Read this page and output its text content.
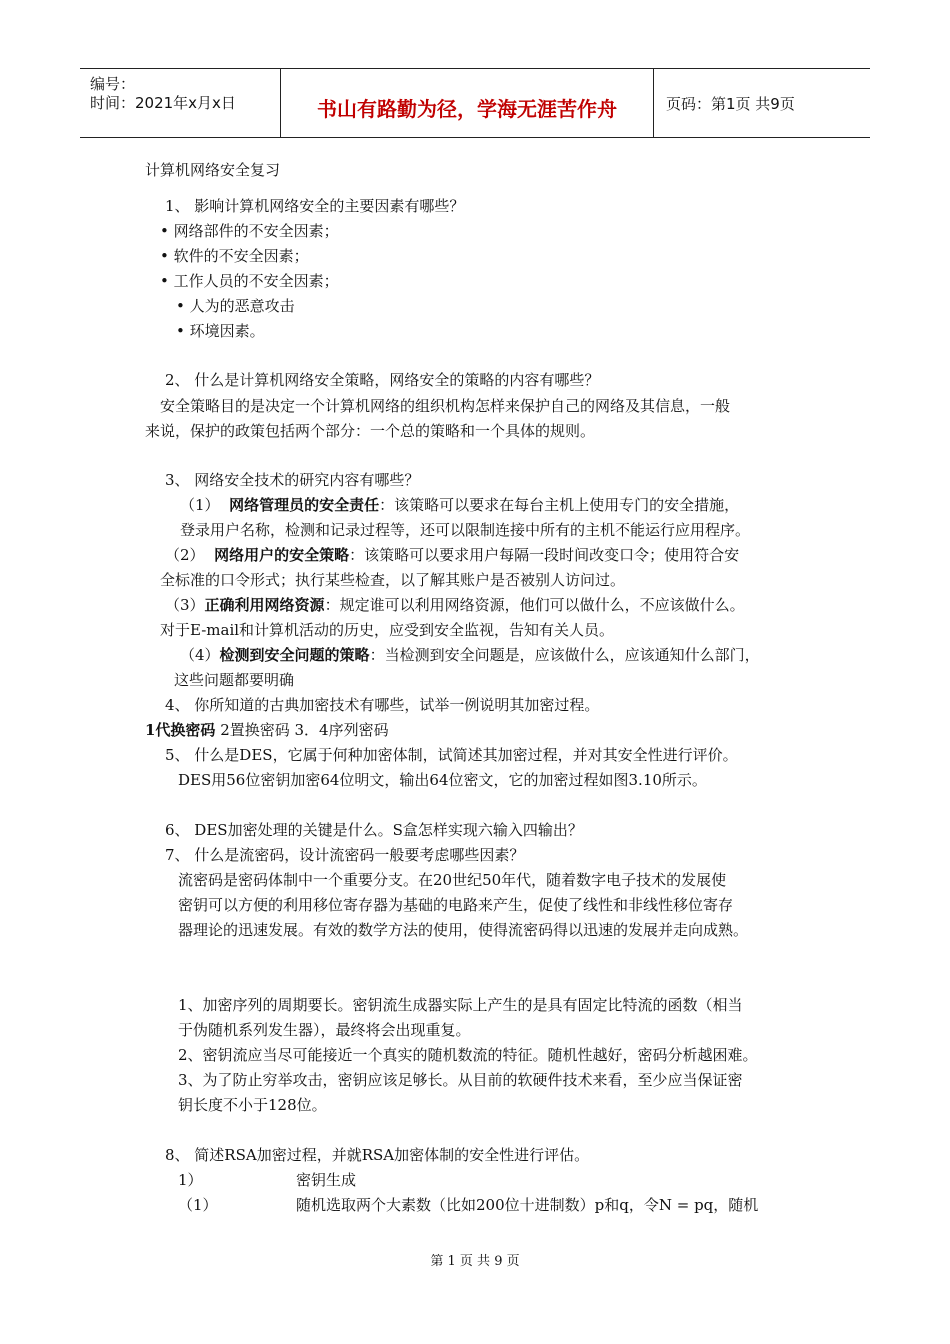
编号：
时间：2021年x月x日	书山有路勤为径，学海无涯苦作舟	页码：第1页 共9页
计算机网络安全复习
1、 影响计算机网络安全的主要因素有哪些？
• 网络部件的不安全因素；
• 软件的不安全因素；
• 工作人员的不安全因素；
• 人为的恶意攻击
• 环境因素。
2、 什么是计算机网络安全策略，网络安全的策略的内容有哪些？
安全策略目的是决定一个计算机网络的组织机构怎样来保护自己的网络及其信息，一般
来说，保护的政策包括两个部分：一个总的策略和一个具体的规则。
3、 网络安全技术的研究内容有哪些？
（1） 网络管理员的安全责任：该策略可以要求在每台主机上使用专门的安全措施，
登录用户名称，检测和记录过程等，还可以限制连接中所有的主机不能运行应用程序。
（2） 网络用户的安全策略：该策略可以要求用户每隔一段时间改变口令；使用符合安
全标准的口令形式；执行某些检查，以了解其账户是否被别人访问过。
（3）正确利用网络资源：规定谁可以利用网络资源，他们可以做什么，不应该做什么。
对于E-mail和计算机活动的历史，应受到安全监视，告知有关人员。
（4）检测到安全问题的策略：当检测到安全问题是，应该做什么，应该通知什么部门，
这些问题都要明确
4、 你所知道的古典加密技术有哪些，试举一例说明其加密过程。
1代换密码 2置换密码 3．4序列密码
5、 什么是DES，它属于何种加密体制，试简述其加密过程，并对其安全性进行评价。
DES用56位密钥加密64位明文，输出64位密文，它的加密过程如图3.10所示。
6、 DES加密处理的关键是什么。S盒怎样实现六输入四输出？
7、 什么是流密码，设计流密码一般要考虑哪些因素？
流密码是密码体制中一个重要分支。在20世纪50年代，随着数字电子技术的发展使
密钥可以方便的利用移位寄存器为基础的电路来产生，促使了线性和非线性移位寄存
器理论的迅速发展。有效的数学方法的使用，使得流密码得以迅速的发展并走向成熟。
1、加密序列的周期要长。密钥流生成器实际上产生的是具有固定比特流的函数（相当
于伪随机系列发生器），最终将会出现重复。
2、密钥流应当尽可能接近一个真实的随机数流的特征。随机性越好，密码分析越困难。
3、为了防止穷举攻击，密钥应该足够长。从目前的软硬件技术来看，至少应当保证密
钥长度不小于128位。
8、 简述RSA加密过程，并就RSA加密体制的安全性进行评估。
1）	密钥生成
（1）	随机选取两个大素数（比如200位十进制数）p和q，令N = pq，随机
第 1 页 共 9 页
